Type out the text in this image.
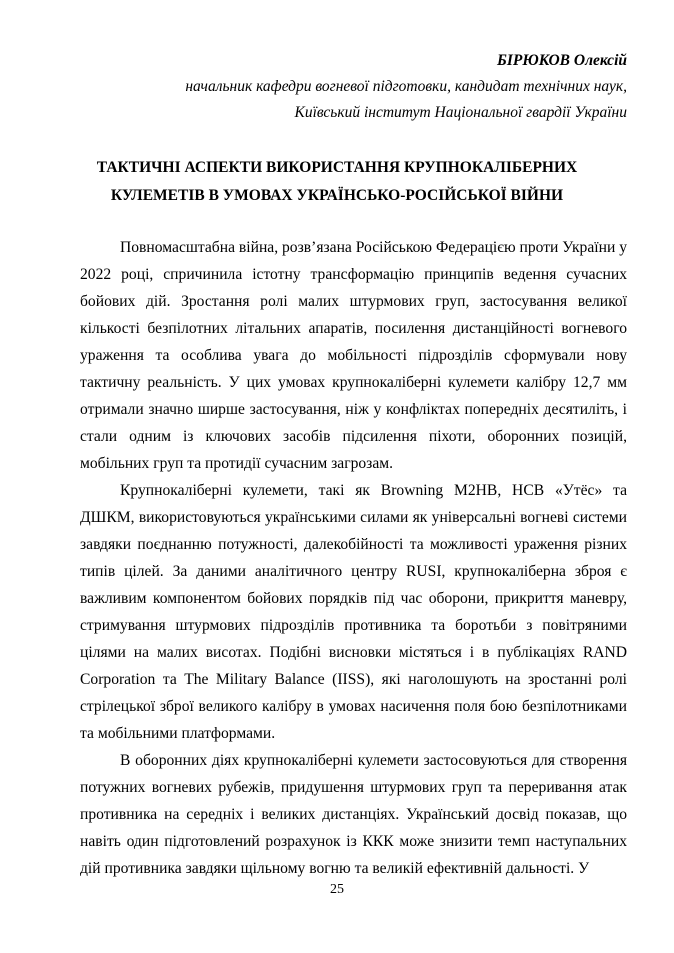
БІРЮКОВ Олексій
начальник кафедри вогневої підготовки, кандидат технічних наук,
Київський інститут Національної гвардії України
ТАКТИЧНІ АСПЕКТИ ВИКОРИСТАННЯ КРУПНОКАЛІБЕРНИХ
КУЛЕМЕТІВ В УМОВАХ УКРАЇНСЬКО-РОСІЙСЬКОЇ ВІЙНИ

Повномасштабна війна, розв’язана Російською Федерацією проти України у 2022 році, спричинила істотну трансформацію принципів ведення сучасних бойових дій. Зростання ролі малих штурмових груп, застосування великої кількості безпілотних літальних апаратів, посилення дистанційності вогневого ураження та особлива увага до мобільності підрозділів сформували нову тактичну реальність. У цих умовах крупнокаліберні кулемети калібру 12,7 мм отримали значно ширше застосування, ніж у конфліктах попередніх десятиліть, і стали одним із ключових засобів підсилення піхоти, оборонних позицій, мобільних груп та протидії сучасним загрозам.

Крупнокаліберні кулемети, такі як Browning M2HB, НСВ «Утёс» та ДШКМ, використовуються українськими силами як універсальні вогневі системи завдяки поєднанню потужності, далекобійності та можливості ураження різних типів цілей. За даними аналітичного центру RUSI, крупнокаліберна зброя є важливим компонентом бойових порядків під час оборони, прикриття маневру, стримування штурмових підрозділів противника та боротьби з повітряними цілями на малих висотах. Подібні висновки містяться і в публікаціях RAND Corporation та The Military Balance (IISS), які наголошують на зростанні ролі стрілецької зброї великого калібру в умовах насичення поля бою безпілотниками та мобільними платформами.

В оборонних діях крупнокаліберні кулемети застосовуються для створення потужних вогневих рубежів, придушення штурмових груп та переривання атак противника на середніх і великих дистанціях. Український досвід показав, що навіть один підготовлений розрахунок із ККК може знизити темп наступальних дій противника завдяки щільному вогню та великій ефективній дальності. У

25
